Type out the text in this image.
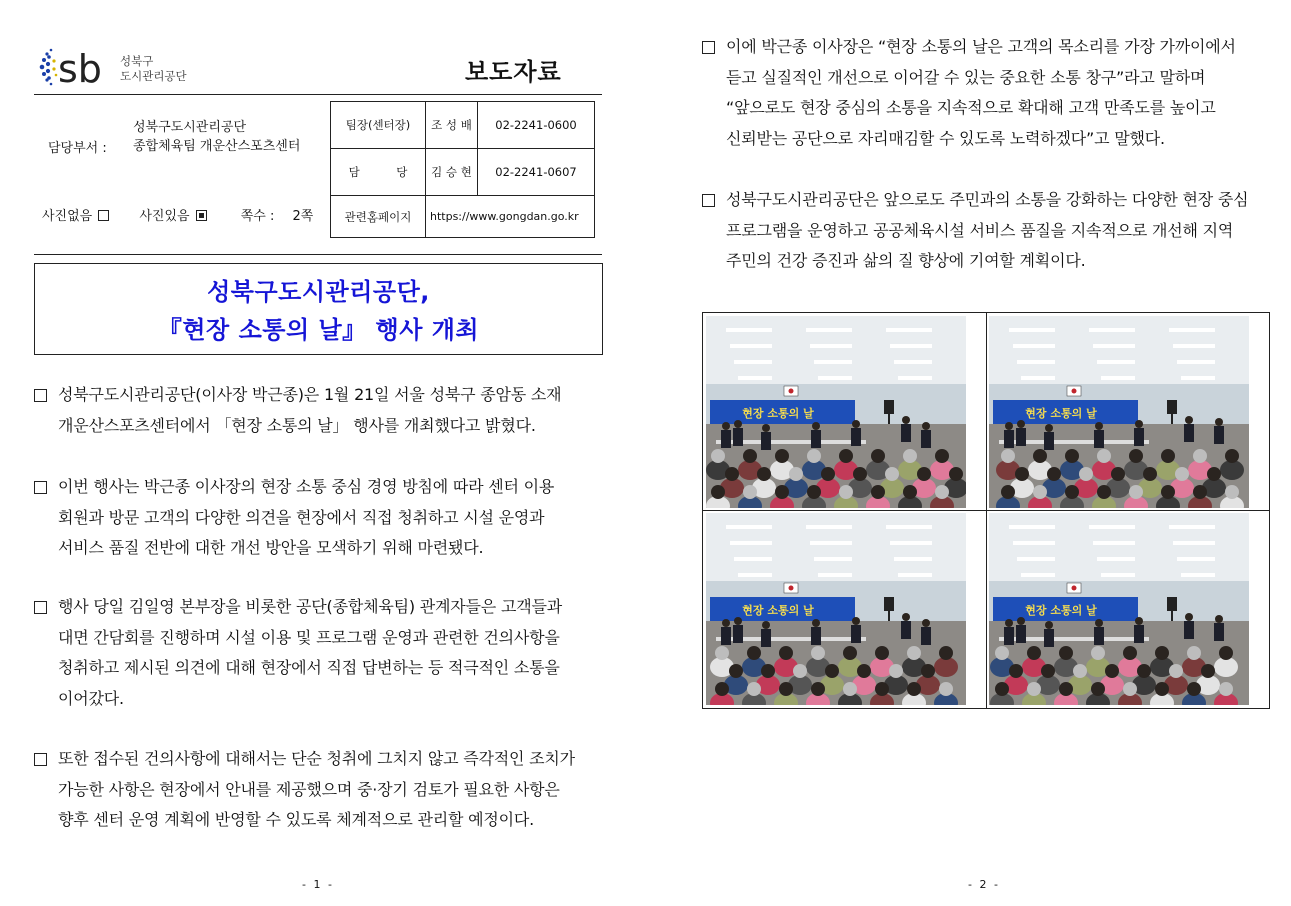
sb 성북구
도시관리공단	보도자료
담당부서 :
성북구도시관리공단
종합체육팀 개운산스포츠센터
사진없음	사진있음	쪽수 : 2쪽
팀장(센터장)	조 성 배	02-2241-0600
담          당	김 승 현	02-2241-0607
관련홈페이지	https://www.gongdan.go.kr	
성북구도시관리공단,
『현장 소통의 날』 행사 개최
성북구도시관리공단(이사장 박근종)은 1월 21일 서울 성북구 종암동 소재
개운산스포츠센터에서 「현장 소통의 날」 행사를 개최했다고 밝혔다.
이번 행사는 박근종 이사장의 현장 소통 중심 경영 방침에 따라 센터 이용
회원과 방문 고객의 다양한 의견을 현장에서 직접 청취하고 시설 운영과
서비스 품질 전반에 대한 개선 방안을 모색하기 위해 마련됐다.
행사 당일 김일영 본부장을 비롯한 공단(종합체육팀) 관계자들은 고객들과
대면 간담회를 진행하며 시설 이용 및 프로그램 운영과 관련한 건의사항을
청취하고 제시된 의견에 대해 현장에서 직접 답변하는 등 적극적인 소통을
이어갔다.
또한 접수된 건의사항에 대해서는 단순 청취에 그치지 않고 즉각적인 조치가
가능한 사항은 현장에서 안내를 제공했으며 중·장기 검토가 필요한 사항은
향후 센터 운영 계획에 반영할 수 있도록 체계적으로 관리할 예정이다.
- 1 -
이에 박근종 이사장은 “현장 소통의 날은 고객의 목소리를 가장 가까이에서
듣고 실질적인 개선으로 이어갈 수 있는 중요한 소통 창구”라고 말하며
“앞으로도 현장 중심의 소통을 지속적으로 확대해 고객 만족도를 높이고
신뢰받는 공단으로 자리매김할 수 있도록 노력하겠다”고 말했다.
성북구도시관리공단은 앞으로도 주민과의 소통을 강화하는 다양한 현장 중심
프로그램을 운영하고 공공체육시설 서비스 품질을 지속적으로 개선해 지역
주민의 건강 증진과 삶의 질 향상에 기여할 계획이다.
현장 소통의 날	현장 소통의 날
현장 소통의 날	현장 소통의 날
- 2 -
